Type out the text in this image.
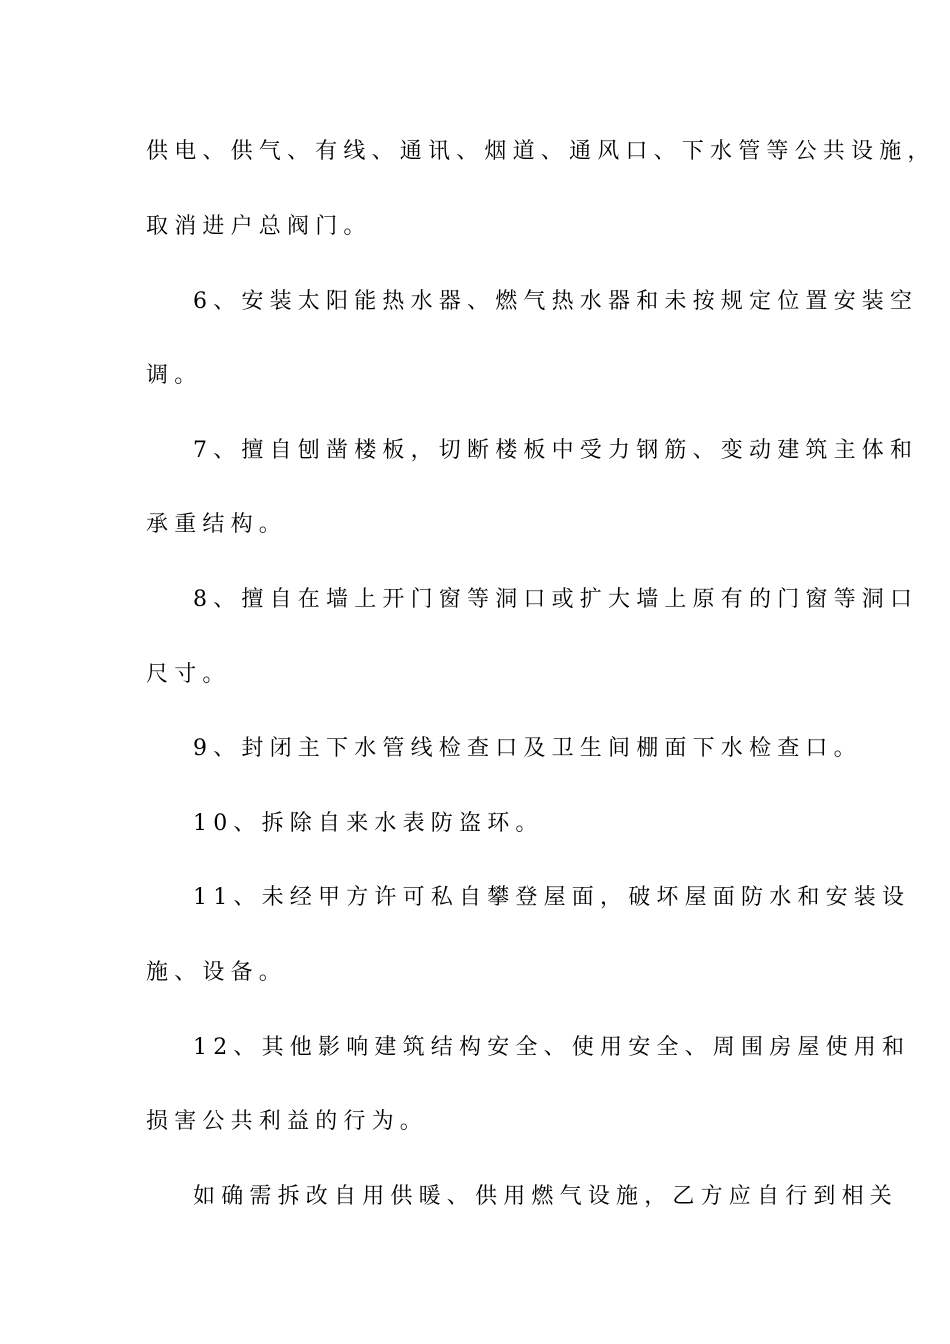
供电、供气、有线、通讯、烟道、通风口、下水管等公共设施，
取消进户总阀门。
6、安装太阳能热水器、燃气热水器和未按规定位置安装空
调。
7、擅自刨凿楼板，切断楼板中受力钢筋、变动建筑主体和
承重结构。
8、擅自在墙上开门窗等洞口或扩大墙上原有的门窗等洞口
尺寸。
9、封闭主下水管线检查口及卫生间棚面下水检查口。
10、拆除自来水表防盗环。
11、未经甲方许可私自攀登屋面，破坏屋面防水和安装设
施、设备。
12、其他影响建筑结构安全、使用安全、周围房屋使用和
损害公共利益的行为。
如确需拆改自用供暖、供用燃气设施，乙方应自行到相关
